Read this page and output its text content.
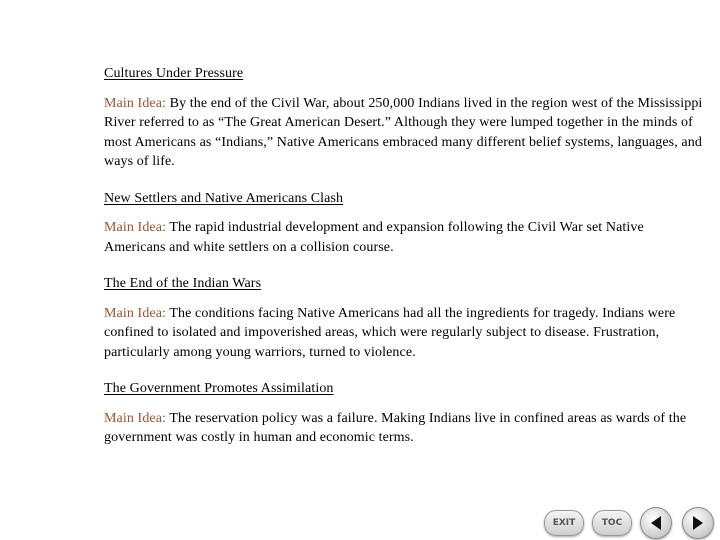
Cultures Under Pressure

Main Idea: By the end of the Civil War, about 250,000 Indians lived in the region west of the Mississippi River referred to as “The Great American Desert.” Although they were lumped together in the minds of most Americans as “Indians,” Native Americans embraced many different belief systems, languages, and ways of life.

New Settlers and Native Americans Clash

Main Idea: The rapid industrial development and expansion following the Civil War set Native Americans and white settlers on a collision course.

The End of the Indian Wars

Main Idea: The conditions facing Native Americans had all the ingredients for tragedy. Indians were confined to isolated and impoverished areas, which were regularly subject to disease. Frustration, particularly among young warriors, turned to violence.

The Government Promotes Assimilation

Main Idea: The reservation policy was a failure. Making Indians live in confined areas as wards of the government was costly in human and economic terms.

EXIT	TOC
